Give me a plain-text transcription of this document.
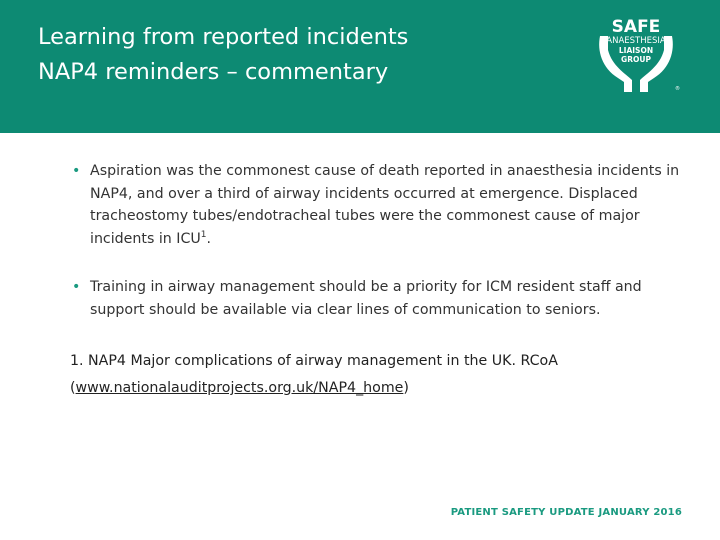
Learning from reported incidents
NAP4 reminders – commentary
SAFE
ANAESTHESIA
LIAISON
GROUP
®
• Aspiration was the commonest cause of death reported in anaesthesia incidents in NAP4, and over a third of airway incidents occurred at emergence. Displaced tracheostomy tubes/endotracheal tubes were the commonest cause of major incidents in ICU$^1$.
• Training in airway management should be a priority for ICM resident staff and support should be available via clear lines of communication to seniors.
1. NAP4 Major complications of airway management in the UK. RCoA
(www.nationalauditprojects.org.uk/NAP4_home)
PATIENT SAFETY UPDATE JANUARY 2016
